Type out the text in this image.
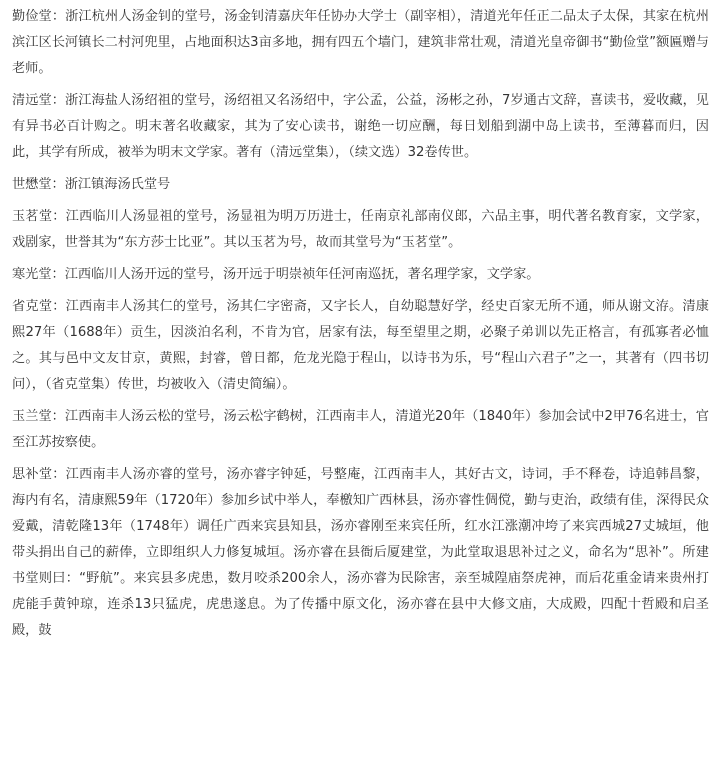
勤俭堂：浙江杭州人汤金钊的堂号，汤金钊清嘉庆年任协办大学士（副宰相），清道光年任正二品太子太保，其家在杭州滨江区长河镇长二村河兜里，占地面积达3亩多地，拥有四五个墙门，建筑非常壮观，清道光皇帝御书“勤俭堂”额匾赠与老师。

清远堂：浙江海盐人汤绍祖的堂号，汤绍祖又名汤绍中，字公孟，公益，汤彬之孙，7岁通古文辞，喜读书，爱收藏，见有异书必百计购之。明末著名收藏家，其为了安心读书，谢绝一切应酬，每日划船到湖中岛上读书，至薄暮而归，因此，其学有所成，被举为明末文学家。著有（清远堂集），（续文选）32卷传世。

世懋堂：浙江镇海汤氏堂号

玉茗堂：江西临川人汤显祖的堂号，汤显祖为明万历进士，任南京礼部南仪郎，六品主事，明代著名教育家，文学家，戏剧家，世誉其为“东方莎士比亚”。其以玉茗为号，故而其堂号为“玉茗堂”。

寒光堂：江西临川人汤开远的堂号，汤开远于明崇祯年任河南巡抚，著名理学家，文学家。

省克堂：江西南丰人汤其仁的堂号，汤其仁字密斋，又字长人，自幼聪慧好学，经史百家无所不通，师从谢文洊。清康熙27年（1688年）贡生，因淡泊名利，不肯为官，居家有法，每至望里之期，必聚子弟训以先正格言，有孤寡者必恤之。其与邑中文友甘京，黄熙，封睿，曾日都，危龙光隐于程山，以诗书为乐，号“程山六君子”之一，其著有（四书切问），（省克堂集）传世，均被收入（清史简编）。

玉兰堂：江西南丰人汤云松的堂号，汤云松字鹤树，江西南丰人，清道光20年（1840年）参加会试中2甲76名进士，官至江苏按察使。

思补堂：江西南丰人汤亦睿的堂号，汤亦睿字钟延，号整庵，江西南丰人，其好古文，诗词，手不释卷，诗追韩昌黎，海内有名，清康熙59年（1720年）参加乡试中举人，奉檄知广西林县，汤亦睿性倜傥，勤与吏治，政绩有佳，深得民众爱戴，清乾隆13年（1748年）调任广西来宾县知县，汤亦睿刚至来宾任所，红水江涨潮冲垮了来宾西城27丈城垣，他带头捐出自己的薪俸，立即组织人力修复城垣。汤亦睿在县衙后厦建堂，为此堂取退思补过之义，命名为“思补”。所建书堂则曰：“野航”。来宾县多虎患，数月咬杀200余人，汤亦睿为民除害，亲至城隍庙祭虎神，而后花重金请来贵州打虎能手黄钟琼，连杀13只猛虎，虎患遂息。为了传播中原文化，汤亦睿在县中大修文庙，大成殿，四配十哲殿和启圣殿，鼓
